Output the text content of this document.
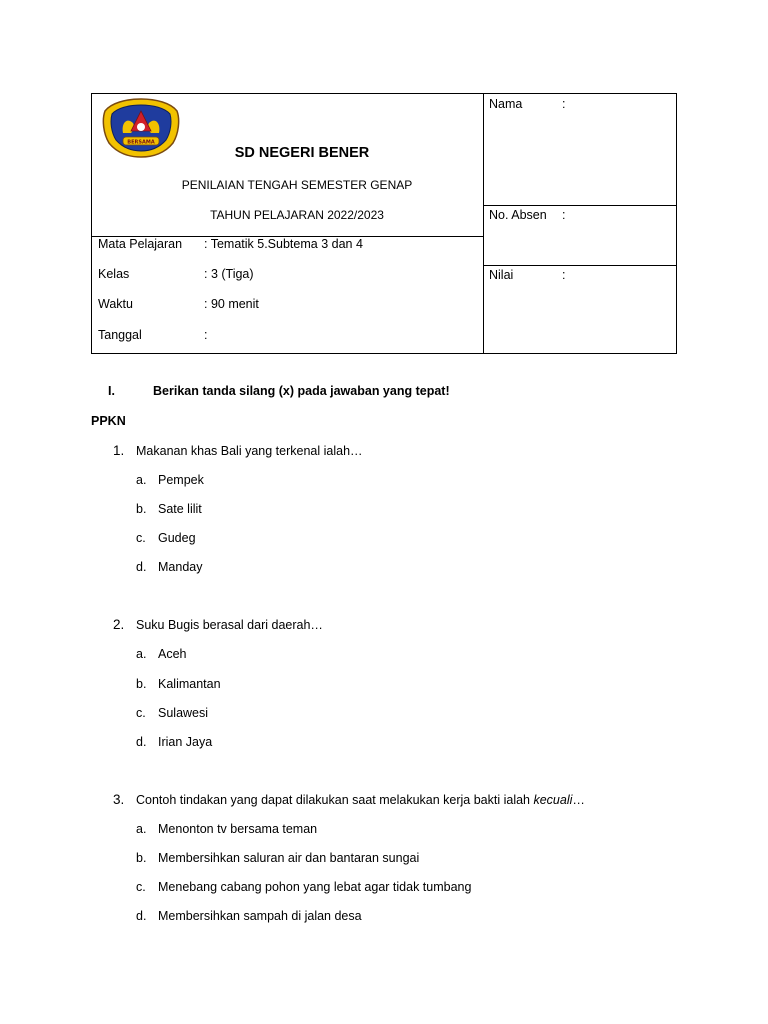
BERSAMA
SD NEGERI BENER
PENILAIAN TENGAH SEMESTER GENAP
TAHUN PELAJARAN 2022/2023
Mata Pelajaran : Tematik 5.Subtema 3 dan 4
Kelas	: 3 (Tiga)
Waktu	: 90 menit
Tanggal	:
Nama	:
No. Absen :
Nilai	:
I.	Berikan tanda silang (x) pada jawaban yang tepat!
PPKN
1. Makanan khas Bali yang terkenal ialah…
a. Pempek
b. Sate lilit
c. Gudeg
d. Manday
2. Suku Bugis berasal dari daerah…
a. Aceh
b. Kalimantan
c. Sulawesi
d. Irian Jaya
3. Contoh tindakan yang dapat dilakukan saat melakukan kerja bakti ialah kecuali…
a. Menonton tv bersama teman
b. Membersihkan saluran air dan bantaran sungai
c. Menebang cabang pohon yang lebat agar tidak tumbang
d. Membersihkan sampah di jalan desa
